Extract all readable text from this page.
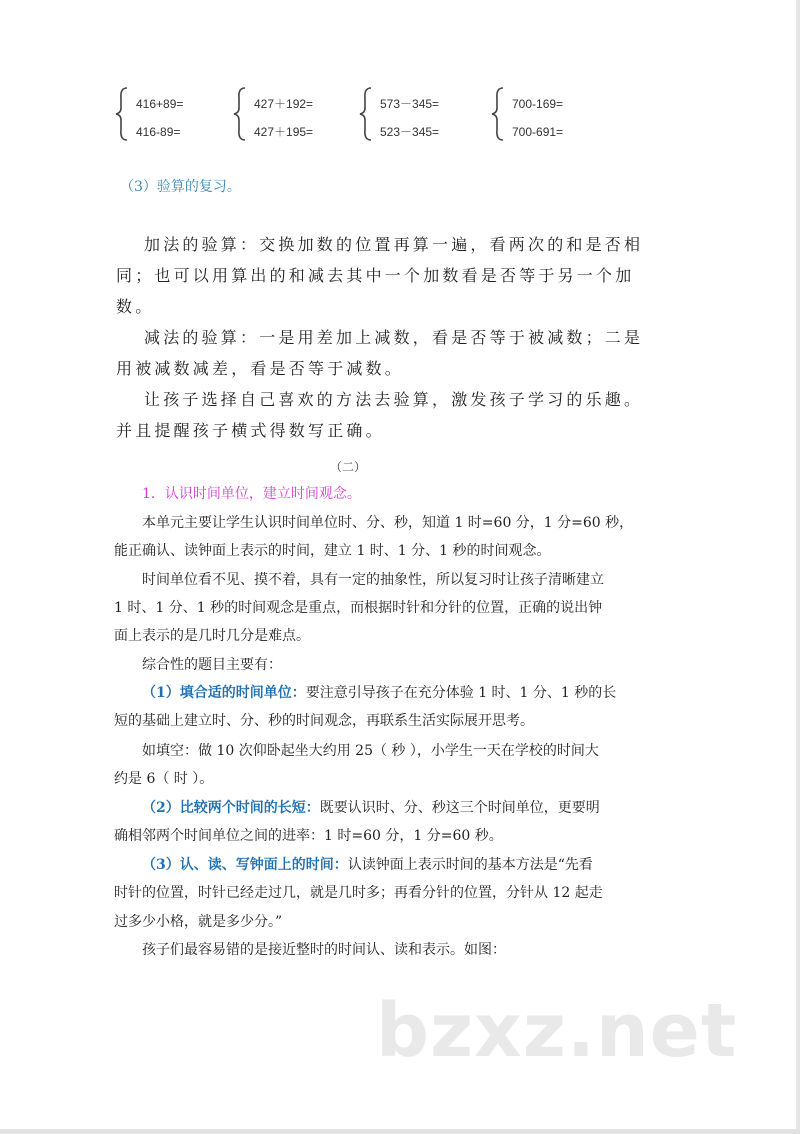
416+89=
416-89=
427＋192=
427＋195=
573－345=
523－345=
700-169=
700-691=
（3）验算的复习。
加法的验算：交换加数的位置再算一遍，看两次的和是否相
同；也可以用算出的和减去其中一个加数看是否等于另一个加
数。
减法的验算：一是用差加上减数，看是否等于被减数；二是
用被减数减差，看是否等于减数。
让孩子选择自己喜欢的方法去验算，激发孩子学习的乐趣。
并且提醒孩子横式得数写正确。
（二）
1．认识时间单位，建立时间观念。
本单元主要让学生认识时间单位时、分、秒，知道 1 时=60 分，1 分=60 秒，
能正确认、读钟面上表示的时间，建立 1 时、1 分、1 秒的时间观念。
时间单位看不见、摸不着，具有一定的抽象性，所以复习时让孩子清晰建立
1 时、1 分、1 秒的时间观念是重点，而根据时针和分针的位置，正确的说出钟
面上表示的是几时几分是难点。
综合性的题目主要有：
（1）填合适的时间单位：要注意引导孩子在充分体验 1 时、1 分、1 秒的长
短的基础上建立时、分、秒的时间观念，再联系生活实际展开思考。
如填空：做 10 次仰卧起坐大约用 25（ 秒 ），小学生一天在学校的时间大
约是 6（ 时 ）。
（2）比较两个时间的长短：既要认识时、分、秒这三个时间单位，更要明
确相邻两个时间单位之间的进率：1 时=60 分，1 分=60 秒。
（3）认、读、写钟面上的时间：认读钟面上表示时间的基本方法是“先看
时针的位置，时针已经走过几，就是几时多；再看分针的位置，分针从 12 起走
过多少小格，就是多少分。”
孩子们最容易错的是接近整时的时间认、读和表示。如图：
bzxz.net
